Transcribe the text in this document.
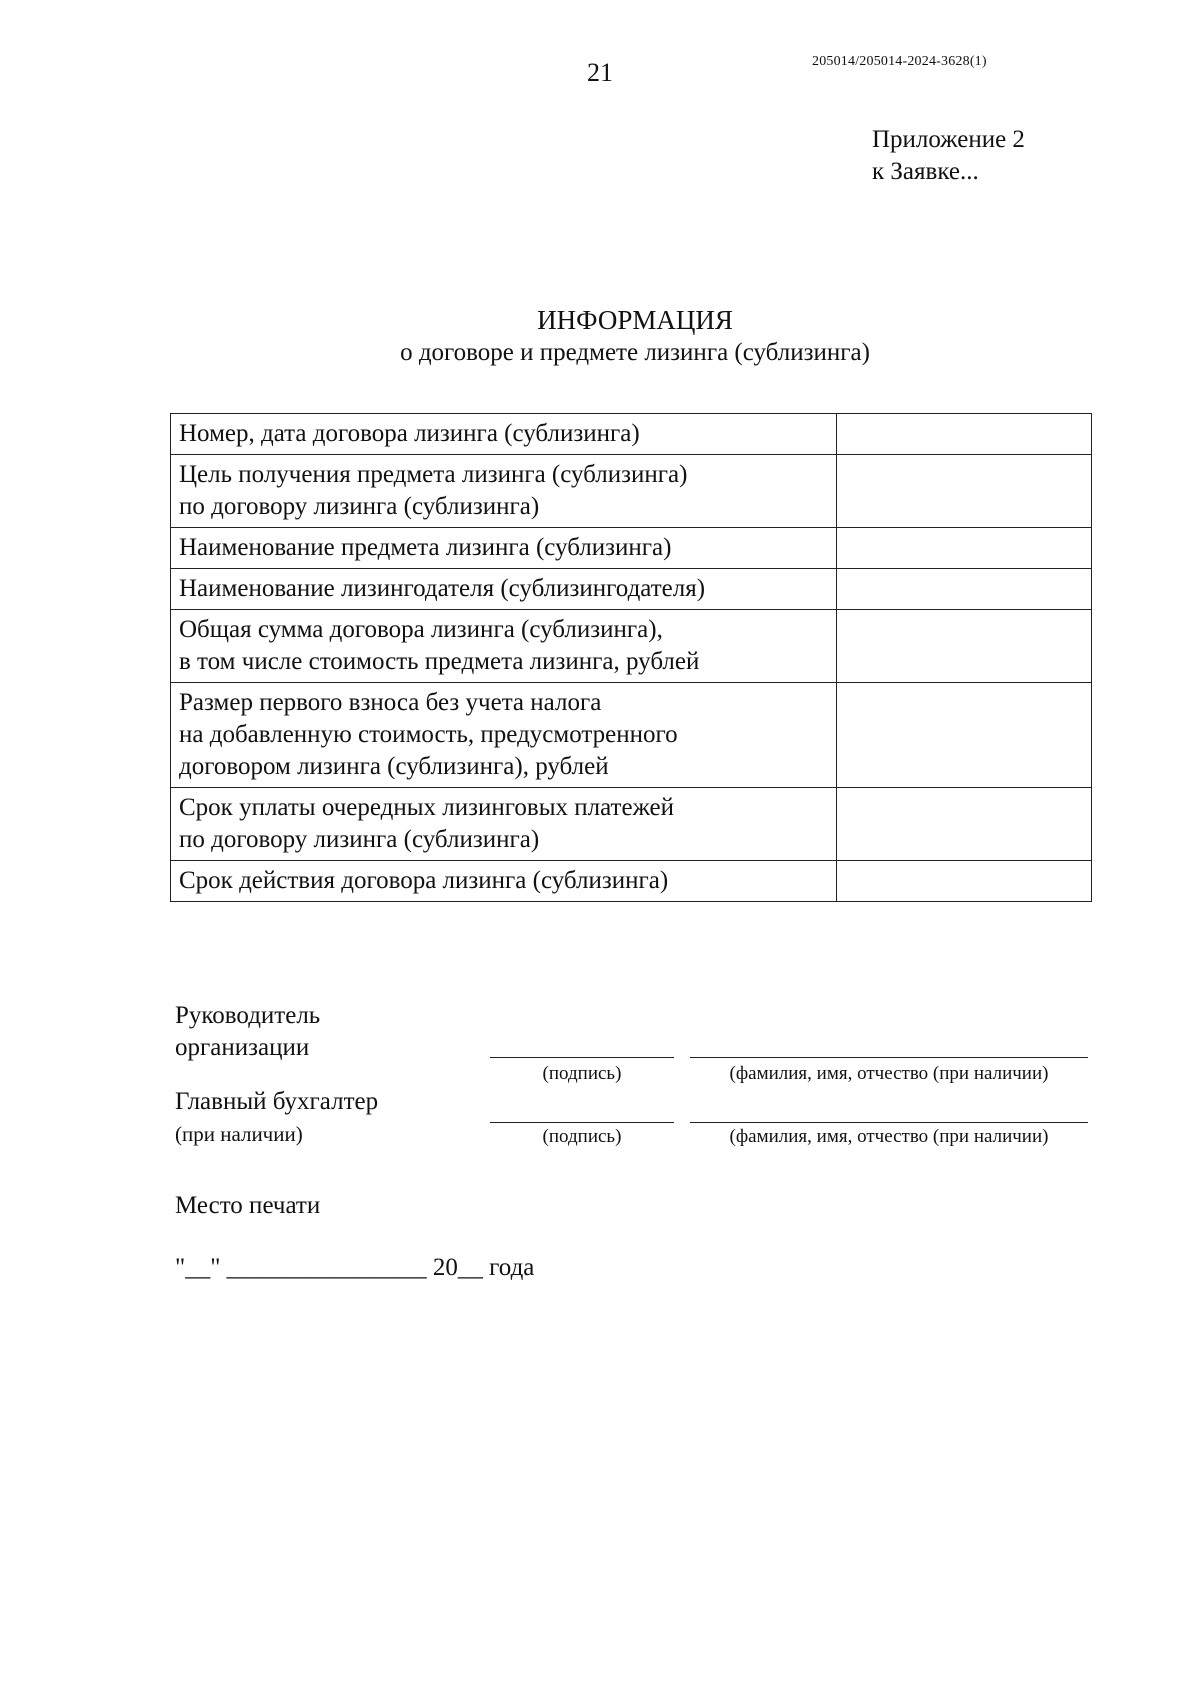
21	205014/205014-2024-3628(1)
Приложение 2
к Заявке...
ИНФОРМАЦИЯ
о договоре и предмете лизинга (сублизинга)
Номер, дата договора лизинга (сублизинга)	

Цель получения предмета лизинга (сублизинга)
по договору лизинга (сублизинга)	

Наименование предмета лизинга (сублизинга)	

Наименование лизингодателя (сублизингодателя)	

Общая сумма договора лизинга (сублизинга),
в том числе стоимость предмета лизинга, рублей	

Размер первого взноса без учета налога
на добавленную стоимость, предусмотренного
договором лизинга (сублизинга), рублей	

Срок уплаты очередных лизинговых платежей
по договору лизинга (сублизинга)	

Срок действия договора лизинга (сублизинга)	

Руководитель
организации
(подпись)	(фамилия, имя, отчество (при наличии)
Главный бухгалтер
(при наличии)	(подпись)	(фамилия, имя, отчество (при наличии)
Место печати
"__" ________________ 20__ года
